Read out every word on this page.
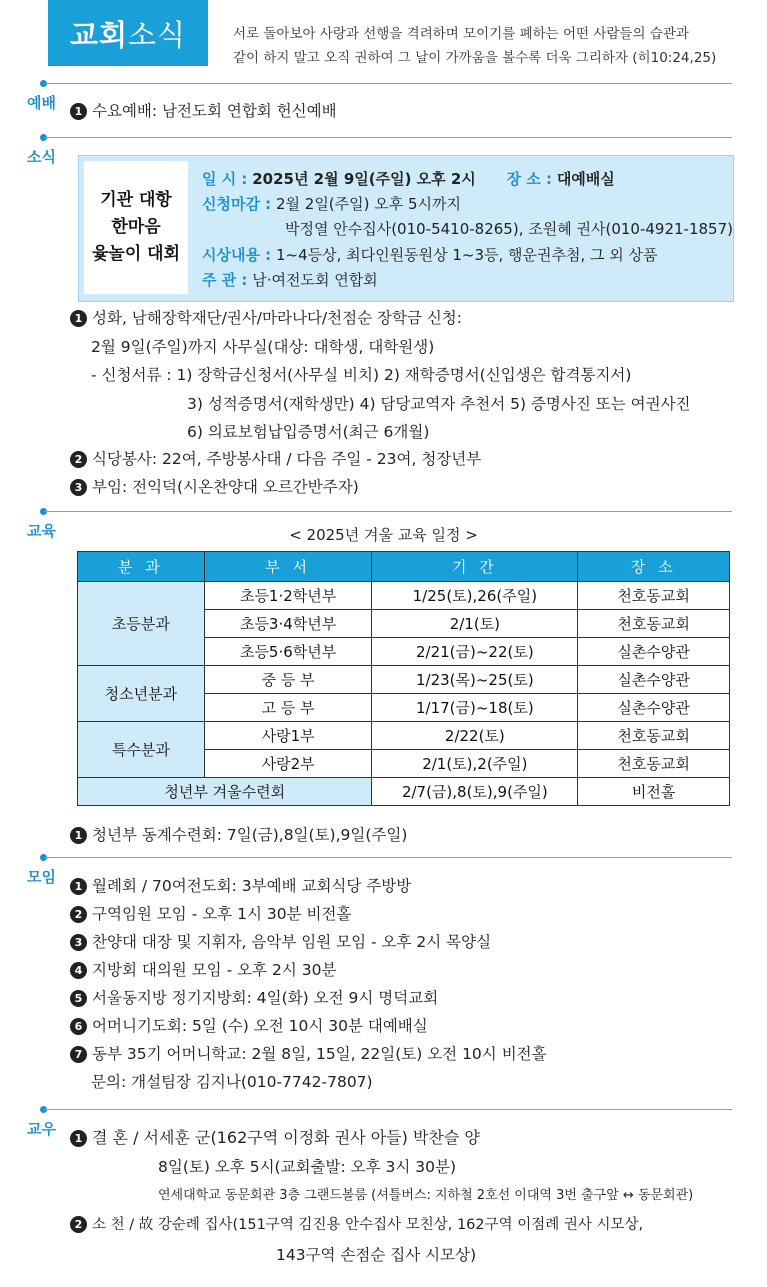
교회 소식	서로 돌아보아 사랑과 선행을 격려하며 모이기를 폐하는 어떤 사람들의 습관과
같이 하지 말고 오직 권하여 그 날이 가까움을 볼수록 더욱 그리하자 (히10:24,25)
예배	1 수요예배: 남전도회 연합회 헌신예배
소식
기관 대항
한마음
윷놀이 대회
일 시 : 2025년 2월 9일(주일) 오후 2시 장 소 : 대예배실
신청마감 : 2월 2일(주일) 오후 5시까지
박정열 안수집사(010-5410-8265), 조원혜 권사(010-4921-1857)
시상내용 : 1~4등상, 최다인원동원상 1~3등, 행운권추첨, 그 외 상품
주 관 : 남·여전도회 연합회
1 성화, 남해장학재단/권사/마라나다/천점순 장학금 신청:
2월 9일(주일)까지 사무실(대상: 대학생, 대학원생)
- 신청서류 : 1) 장학금신청서(사무실 비치) 2) 재학증명서(신입생은 합격통지서)
3) 성적증명서(재학생만) 4) 담당교역자 추천서 5) 증명사진 또는 여권사진
6) 의료보험납입증명서(최근 6개월)
2 식당봉사: 22여, 주방봉사대 / 다음 주일 - 23여, 청장년부
3 부임: 전익덕(시온찬양대 오르간반주자)
교육	< 2025년 겨울 교육 일정 >
분 과	부 서	기 간	장 소
초등분과	초등1·2학년부	1/25(토),26(주일)	천호동교회
	초등3·4학년부	2/1(토)	천호동교회
	초등5·6학년부	2/21(금)~22(토)	실촌수양관
청소년분과	중 등 부	1/23(목)~25(토)	실촌수양관
	고 등 부	1/17(금)~18(토)	실촌수양관
특수분과	사랑1부	2/22(토)	천호동교회
	사랑2부	2/1(토),2(주일)	천호동교회
청년부 겨울수련회		2/7(금),8(토),9(주일)	비전홀
1 청년부 동계수련회: 7일(금),8일(토),9일(주일)
모임
1 월례회 / 70여전도회: 3부예배 교회식당 주방방
2 구역임원 모임 - 오후 1시 30분 비전홀
3 찬양대 대장 및 지휘자, 음악부 임원 모임 - 오후 2시 목양실
4 지방회 대의원 모임 - 오후 2시 30분
5 서울동지방 정기지방회: 4일(화) 오전 9시 명덕교회
6 어머니기도회: 5일 (수) 오전 10시 30분 대예배실
7 동부 35기 어머니학교: 2월 8일, 15일, 22일(토) 오전 10시 비전홀
문의: 개설팀장 김지나(010-7742-7807)
교우
1 결 혼 / 서세훈 군(162구역 이정화 권사 아들) 박찬슬 양
8일(토) 오후 5시(교회출발: 오후 3시 30분)
연세대학교 동문회관 3층 그랜드볼룸 (셔틀버스: 지하철 2호선 이대역 3번 출구앞 ↔ 동문회관)
2 소 천 / 故 강순례 집사(151구역 김진용 안수집사 모친상, 162구역 이점례 권사 시모상,
143구역 손점순 집사 시모상)
